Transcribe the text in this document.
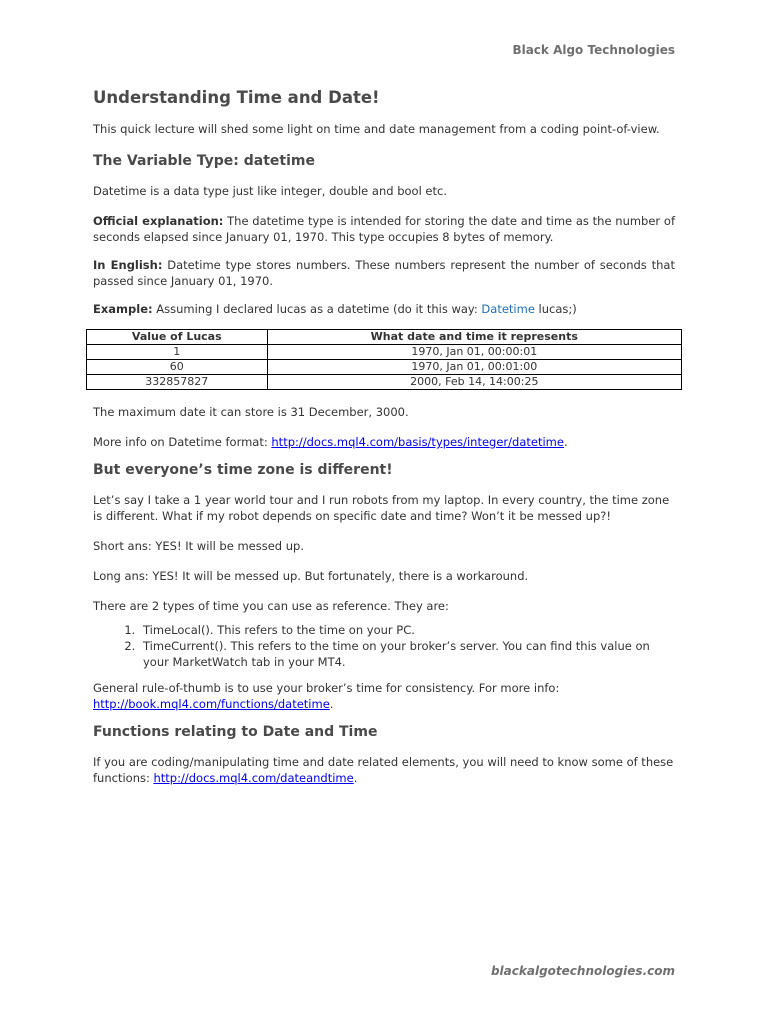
Black Algo Technologies
Understanding Time and Date!

This quick lecture will shed some light on time and date management from a coding point-of-view.

The Variable Type: datetime

Datetime is a data type just like integer, double and bool etc.

Official explanation: The datetime type is intended for storing the date and time as the number of seconds elapsed since January 01, 1970. This type occupies 8 bytes of memory.

In English: Datetime type stores numbers. These numbers represent the number of seconds that passed since January 01, 1970.

Example: Assuming I declared lucas as a datetime (do it this way: Datetime lucas;)

Value of Lucas	What date and time it represents
1	1970, Jan 01, 00:00:01
60	1970, Jan 01, 00:01:00
332857827	2000, Feb 14, 14:00:25

The maximum date it can store is 31 December, 3000.

More info on Datetime format: http://docs.mql4.com/basis/types/integer/datetime.

But everyone’s time zone is different!

Let’s say I take a 1 year world tour and I run robots from my laptop. In every country, the time zone is different. What if my robot depends on specific date and time? Won’t it be messed up?!

Short ans: YES! It will be messed up.

Long ans: YES! It will be messed up. But fortunately, there is a workaround.

There are 2 types of time you can use as reference. They are:

1. TimeLocal(). This refers to the time on your PC.
2. TimeCurrent(). This refers to the time on your broker’s server. You can find this value on your MarketWatch tab in your MT4.

General rule-of-thumb is to use your broker’s time for consistency. For more info: http://book.mql4.com/functions/datetime.

Functions relating to Date and Time

If you are coding/manipulating time and date related elements, you will need to know some of these functions: http://docs.mql4.com/dateandtime.

blackalgotechnologies.com
